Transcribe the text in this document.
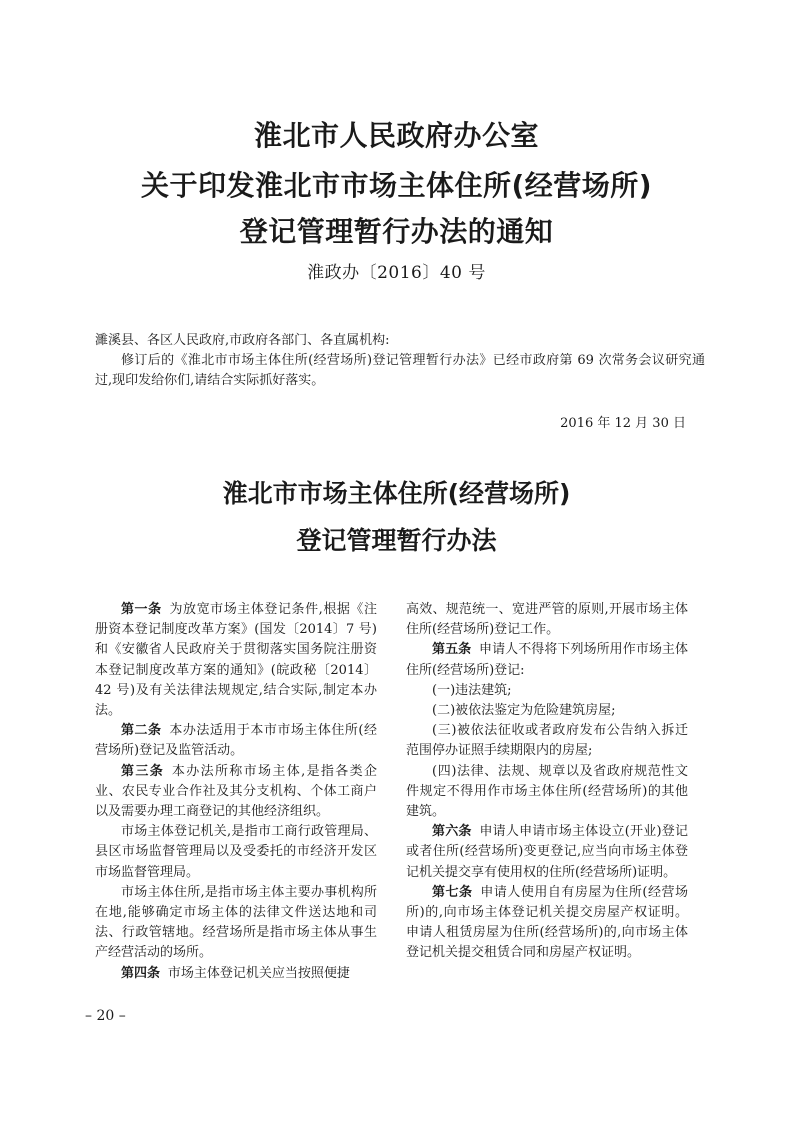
淮北市人民政府办公室
关于印发淮北市市场主体住所(经营场所)
登记管理暂行办法的通知
淮政办〔2016〕40 号
濉溪县、各区人民政府,市政府各部门、各直属机构:
修订后的《淮北市市场主体住所(经营场所)登记管理暂行办法》已经市政府第 69 次常务会议研究通过,现印发给你们,请结合实际抓好落实。
2016 年 12 月 30 日
淮北市市场主体住所(经营场所)
登记管理暂行办法

第一条 为放宽市场主体登记条件,根据《注册资本登记制度改革方案》(国发〔2014〕7 号)和《安徽省人民政府关于贯彻落实国务院注册资本登记制度改革方案的通知》(皖政秘〔2014〕42 号)及有关法律法规规定,结合实际,制定本办法。

第二条 本办法适用于本市市场主体住所(经营场所)登记及监管活动。

第三条 本办法所称市场主体,是指各类企业、农民专业合作社及其分支机构、个体工商户以及需要办理工商登记的其他经济组织。

市场主体登记机关,是指市工商行政管理局、县区市场监督管理局以及受委托的市经济开发区市场监督管理局。

市场主体住所,是指市场主体主要办事机构所在地,能够确定市场主体的法律文件送达地和司法、行政管辖地。经营场所是指市场主体从事生产经营活动的场所。

第四条 市场主体登记机关应当按照便捷

高效、规范统一、宽进严管的原则,开展市场主体住所(经营场所)登记工作。

第五条 申请人不得将下列场所用作市场主体住所(经营场所)登记:

(一)违法建筑;

(二)被依法鉴定为危险建筑房屋;

(三)被依法征收或者政府发布公告纳入拆迁范围停办证照手续期限内的房屋;

(四)法律、法规、规章以及省政府规范性文件规定不得用作市场主体住所(经营场所)的其他建筑。

第六条 申请人申请市场主体设立(开业)登记或者住所(经营场所)变更登记,应当向市场主体登记机关提交享有使用权的住所(经营场所)证明。

第七条 申请人使用自有房屋为住所(经营场所)的,向市场主体登记机关提交房屋产权证明。申请人租赁房屋为住所(经营场所)的,向市场主体登记机关提交租赁合同和房屋产权证明。

– 20 –
